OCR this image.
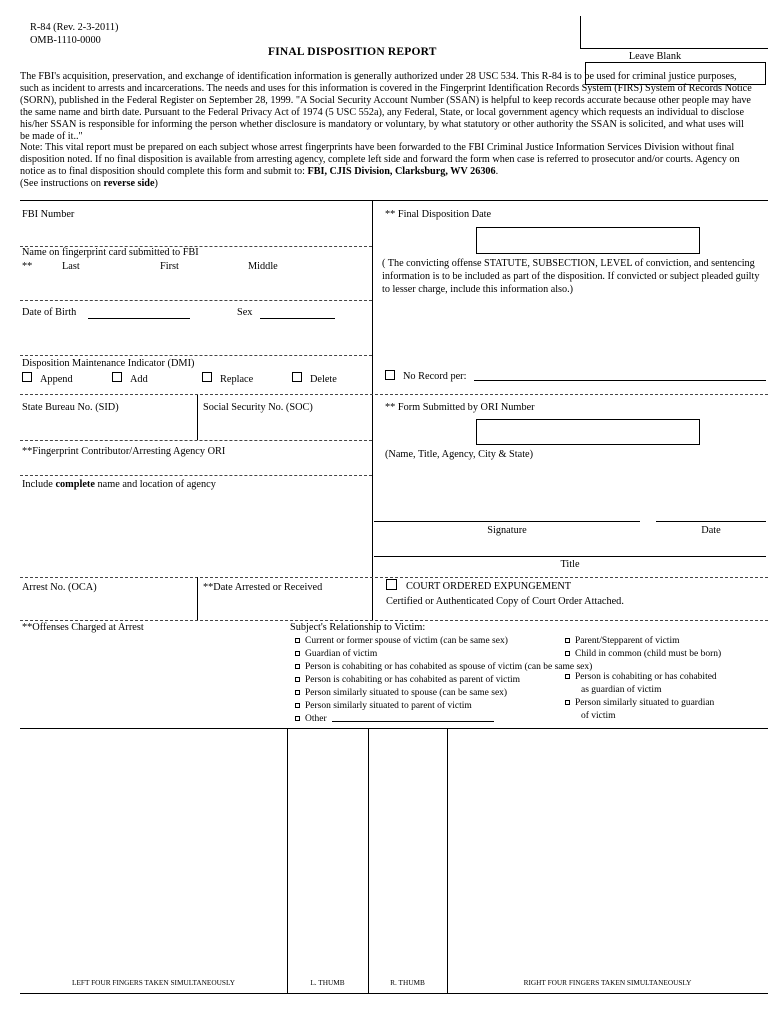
R-84 (Rev. 2-3-2011)
OMB-1110-0000
FINAL DISPOSITION REPORT	Leave Blank
The FBI's acquisition, preservation, and exchange of identification information is generally authorized under 28 USC 534. This R-84 is to be used for criminal justice purposes, such as incident to arrests and incarcerations. The needs and uses for this information is covered in the Fingerprint Identification Records System (FIRS) System of Records Notice (SORN), published in the Federal Register on September 28, 1999. "A Social Security Account Number (SSAN) is helpful to keep records accurate because other people may have the same name and birth date. Pursuant to the Federal Privacy Act of 1974 (5 USC 552a), any Federal, State, or local government agency which requests an individual to disclose his/her SSAN is responsible for informing the person whether disclosure is mandatory or voluntary, by what statutory or other authority the SSAN is solicited, and what uses will be made of it.."
Note: This vital report must be prepared on each subject whose arrest fingerprints have been forwarded to the FBI Criminal Justice Information Services Division without final disposition noted. If no final disposition is available from arresting agency, complete left side and forward the form when case is referred to prosecutor and/or courts. Agency on notice as to final disposition should complete this form and submit to: FBI, CJIS Division, Clarksburg, WV 26306.
(See instructions on reverse side)
FBI Number
Name on fingerprint card submitted to FBI
**	Last	First	Middle
Date of Birth	Sex
Disposition Maintenance Indicator (DMI)
Append	Add	Replace	Delete
State Bureau No. (SID)	Social Security No. (SOC)
**Fingerprint Contributor/Arresting Agency ORI
Include complete name and location of agency
Arrest No. (OCA)	**Date Arrested or Received
**Offenses Charged at Arrest
** Final Disposition Date
( The convicting offense STATUTE, SUBSECTION, LEVEL of conviction, and sentencing information is to be included as part of the disposition. If convicted or subject pleaded guilty to lesser charge, include this information also.)
No Record per:
** Form Submitted by ORI Number
(Name, Title, Agency, City & State)
Signature	Date
Title
COURT ORDERED EXPUNGEMENT
Certified or Authenticated Copy of Court Order Attached.
Subject's Relationship to Victim:
Current or former spouse of victim (can be same sex)
Guardian of victim
Person is cohabiting or has cohabited as spouse of victim (can be same sex)
Person is cohabiting or has cohabited as parent of victim
Person similarly situated to spouse (can be same sex)
Person similarly situated to parent of victim
Other
Parent/Stepparent of victim
Child in common (child must be born)
Person is cohabiting or has cohabited
as guardian of victim
Person similarly situated to guardian
of victim
LEFT FOUR FINGERS TAKEN SIMULTANEOUSLY	L. THUMB	R. THUMB	RIGHT FOUR FINGERS TAKEN SIMULTANEOUSLY
